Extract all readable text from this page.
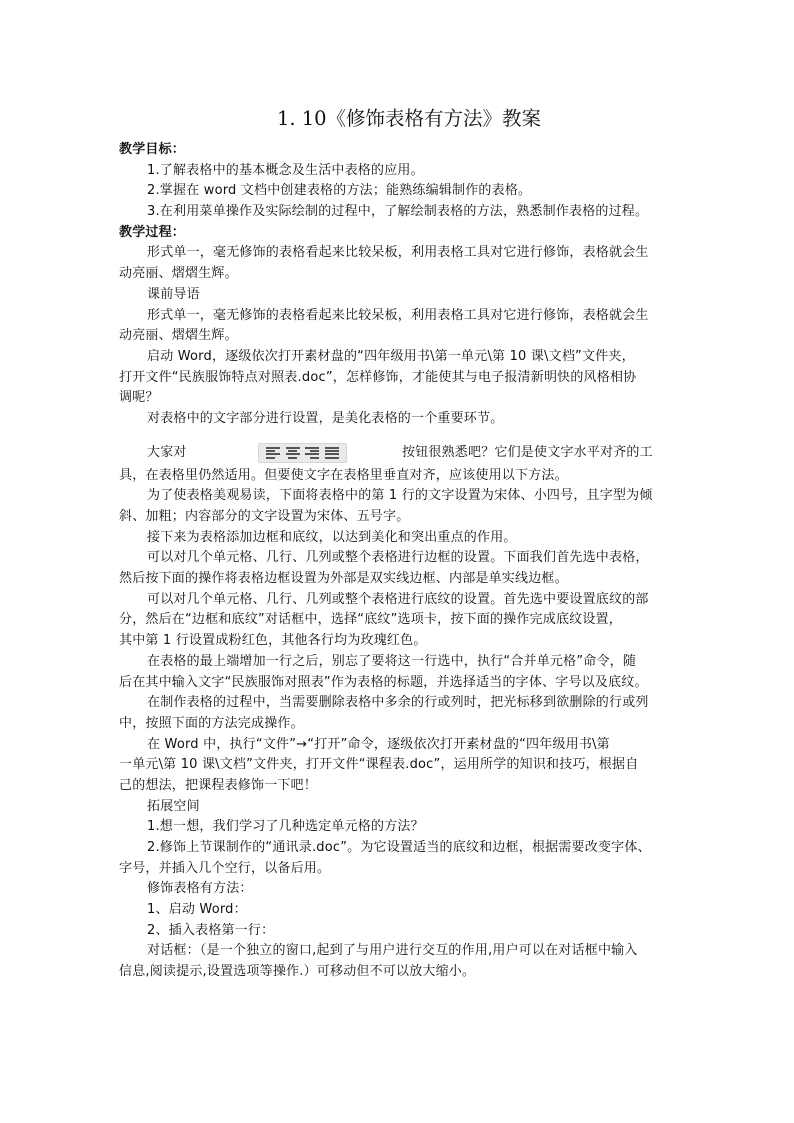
1. 10《修饰表格有方法》教案
教学目标：
1.了解表格中的基本概念及生活中表格的应用。
2.掌握在 word 文档中创建表格的方法；能熟练编辑制作的表格。
3.在利用菜单操作及实际绘制的过程中，了解绘制表格的方法，熟悉制作表格的过程。
教学过程：
形式单一，毫无修饰的表格看起来比较呆板，利用表格工具对它进行修饰，表格就会生
动亮丽、熠熠生辉。
课前导语
形式单一，毫无修饰的表格看起来比较呆板，利用表格工具对它进行修饰，表格就会生
动亮丽、熠熠生辉。
启动 Word，逐级依次打开素材盘的“四年级用书\第一单元\第 10 课\文档”文件夹，
打开文件“民族服饰特点对照表.doc”，怎样修饰，才能使其与电子报清新明快的风格相协
调呢？
对表格中的文字部分进行设置，是美化表格的一个重要环节。
大家对	按钮很熟悉吧？它们是使文字水平对齐的工
具，在表格里仍然适用。但要使文字在表格里垂直对齐，应该使用以下方法。
为了使表格美观易读，下面将表格中的第 1 行的文字设置为宋体、小四号，且字型为倾
斜、加粗；内容部分的文字设置为宋体、五号字。
接下来为表格添加边框和底纹，以达到美化和突出重点的作用。
可以对几个单元格、几行、几列或整个表格进行边框的设置。下面我们首先选中表格，
然后按下面的操作将表格边框设置为外部是双实线边框、内部是单实线边框。
可以对几个单元格、几行、几列或整个表格进行底纹的设置。首先选中要设置底纹的部
分，然后在“边框和底纹”对话框中，选择“底纹”选项卡，按下面的操作完成底纹设置，
其中第 1 行设置成粉红色，其他各行均为玫瑰红色。
在表格的最上端增加一行之后，别忘了要将这一行选中，执行“合并单元格”命令，随
后在其中输入文字“民族服饰对照表”作为表格的标题，并选择适当的字体、字号以及底纹。
在制作表格的过程中，当需要删除表格中多余的行或列时，把光标移到欲删除的行或列
中，按照下面的方法完成操作。
在 Word 中，执行“文件”→“打开”命令，逐级依次打开素材盘的“四年级用书\第
一单元\第 10 课\文档”文件夹，打开文件“课程表.doc”，运用所学的知识和技巧，根据自
己的想法，把课程表修饰一下吧！
拓展空间
1.想一想，我们学习了几种选定单元格的方法？
2.修饰上节课制作的“通讯录.doc”。为它设置适当的底纹和边框，根据需要改变字体、
字号，并插入几个空行，以备后用。
修饰表格有方法：
1、启动 Word：
2、插入表格第一行：
对话框：（是一个独立的窗口,起到了与用户进行交互的作用,用户可以在对话框中输入
信息,阅读提示,设置选项等操作.）可移动但不可以放大缩小。
